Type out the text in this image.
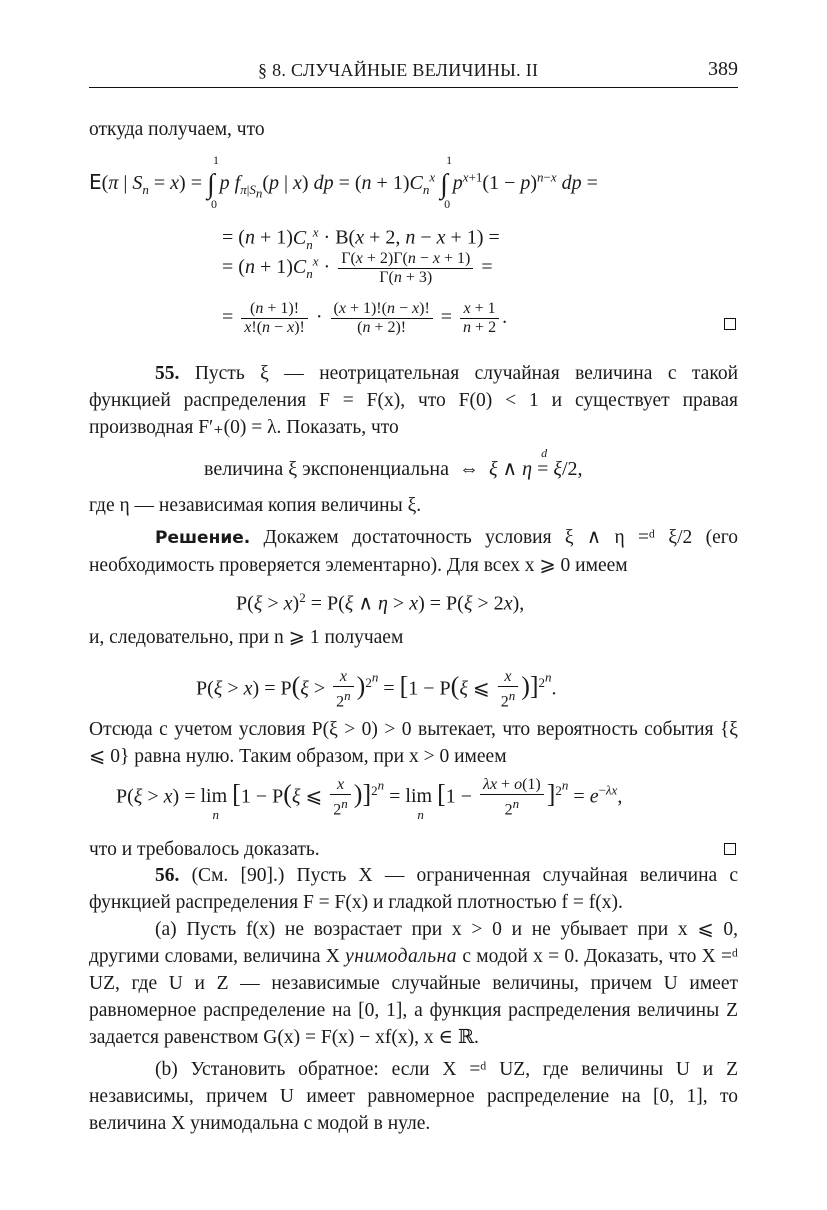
§ 8. СЛУЧАЙНЫЕ ВЕЛИЧИНЫ. II	389
откуда получаем, что
E(π | $S_n = x$) = ∫
1
0
p $f_{\pi|S_n}(p$ | x) dp = $(n + 1)C_n^x$ ∫
1
0
$p^{x+1}(1 - p)^{n-x}$ dp =
= $(n + 1)C_n^x \cdot B(x + 2$, n − x + 1) =
= $(n + 1)C_n^x \cdot \frac{\Gamma(x + 2)\Gamma(n - x + 1)}{\Gamma(n + 3)}$ =
= $\frac{(n + 1)!}{x!(n - x)!} \cdot \frac{(x + 1)!(n - x)!}{(n + 2)!} = \frac{x + 1}{n + 2}$ .
55. Пусть ξ — неотрицательная случайная величина с такой функцией распределения F = F(x), что F(0) < 1 и существует правая производная F′₊(0) = λ. Показать, что
величина ξ экспоненциальна  ⇔  ξ ∧ η
d
= ξ/2,
где η — независимая копия величины ξ.
Решение. Докажем достаточность условия ξ ∧ η =ᵈ ξ/2 (его необходимость проверяется элементарно). Для всех x ⩾ 0 имеем
P(ξ > x)$^2$ = P(ξ ∧ η > x) = P(ξ > 2x),
и, следовательно, при n ⩾ 1 получаем
$P(\xi > x) = P(\xi > \frac{x}{2^n} )^{2^n} = [1 - P(\xi$ ⩽ $\frac{x}{2^n} )]^{2^n}$.
Отсюда с учетом условия P(ξ > 0) > 0 вытекает, что вероятность события {ξ ⩽ 0} равна нулю. Таким образом, при x > 0 имеем
P(ξ > x) = lim
n
[1 − P(ξ ⩽ $\frac{x}{2^n} )]^{2^n} = \lim$
n
$[1 - \frac{\lambda x + o(1)}{2^n} ]^{2^n} = e^{-\lambda x}$,
что и требовалось доказать.
56. (См. [90].) Пусть X — ограниченная случайная величина с функцией распределения F = F(x) и гладкой плотностью f = f(x).
(a) Пусть f(x) не возрастает при x > 0 и не убывает при x ⩽ 0, другими словами, величина X унимодальна с модой x = 0. Доказать, что X =ᵈ UZ, где U и Z — независимые случайные величины, причем U имеет равномерное распределение на [0, 1], а функция распределения величины Z задается равенством G(x) = F(x) − xf(x), x ∈ ℝ.
(b) Установить обратное: если X =ᵈ UZ, где величины U и Z независимы, причем U имеет равномерное распределение на [0, 1], то величина X унимодальна с модой в нуле.
